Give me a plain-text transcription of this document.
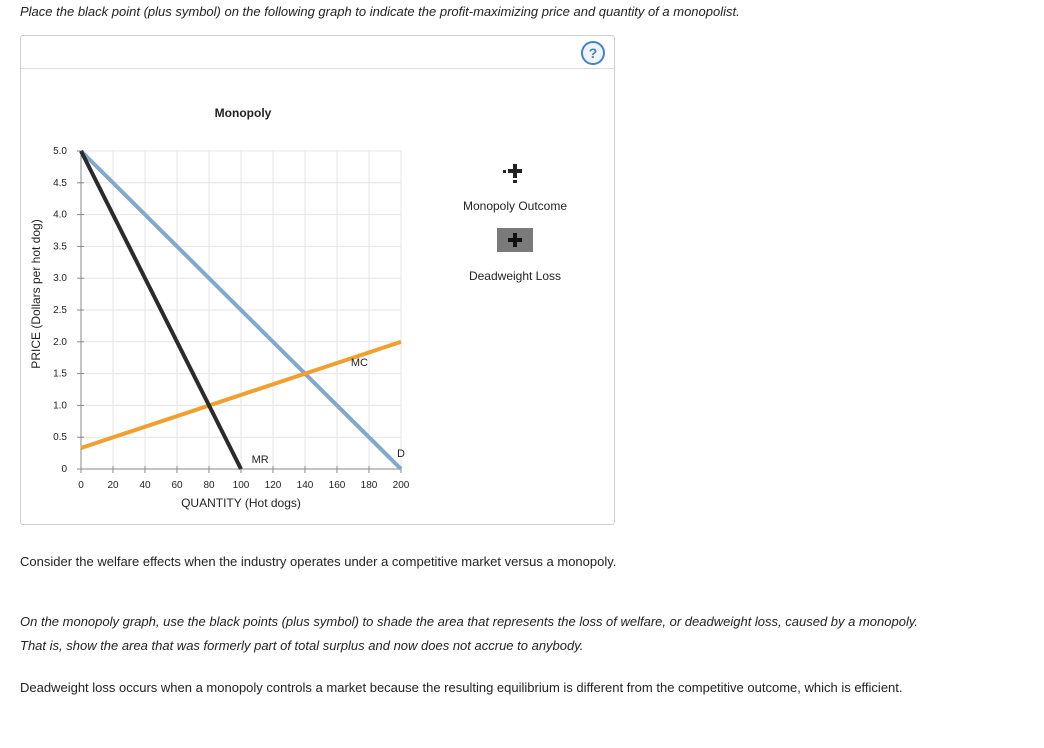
Place the black point (plus symbol) on the following graph to indicate the profit-maximizing price and quantity of a monopolist.
?
0 20 40 60 80 100 120 140 160 180 200
0
0.5
1.0
1.5
2.0
2.5
3.0
3.5
4.0
4.5
5.0
Monopoly
QUANTITY (Hot dogs)
PRICE (Dollars per hot dog)
D
MR
MC
Monopoly Outcome
Deadweight Loss
Consider the welfare effects when the industry operates under a competitive market versus a monopoly.
On the monopoly graph, use the black points (plus symbol) to shade the area that represents the loss of welfare, or deadweight loss, caused by a monopoly. That is, show the area that was formerly part of total surplus and now does not accrue to anybody.
Deadweight loss occurs when a monopoly controls a market because the resulting equilibrium is different from the competitive outcome, which is efficient.
